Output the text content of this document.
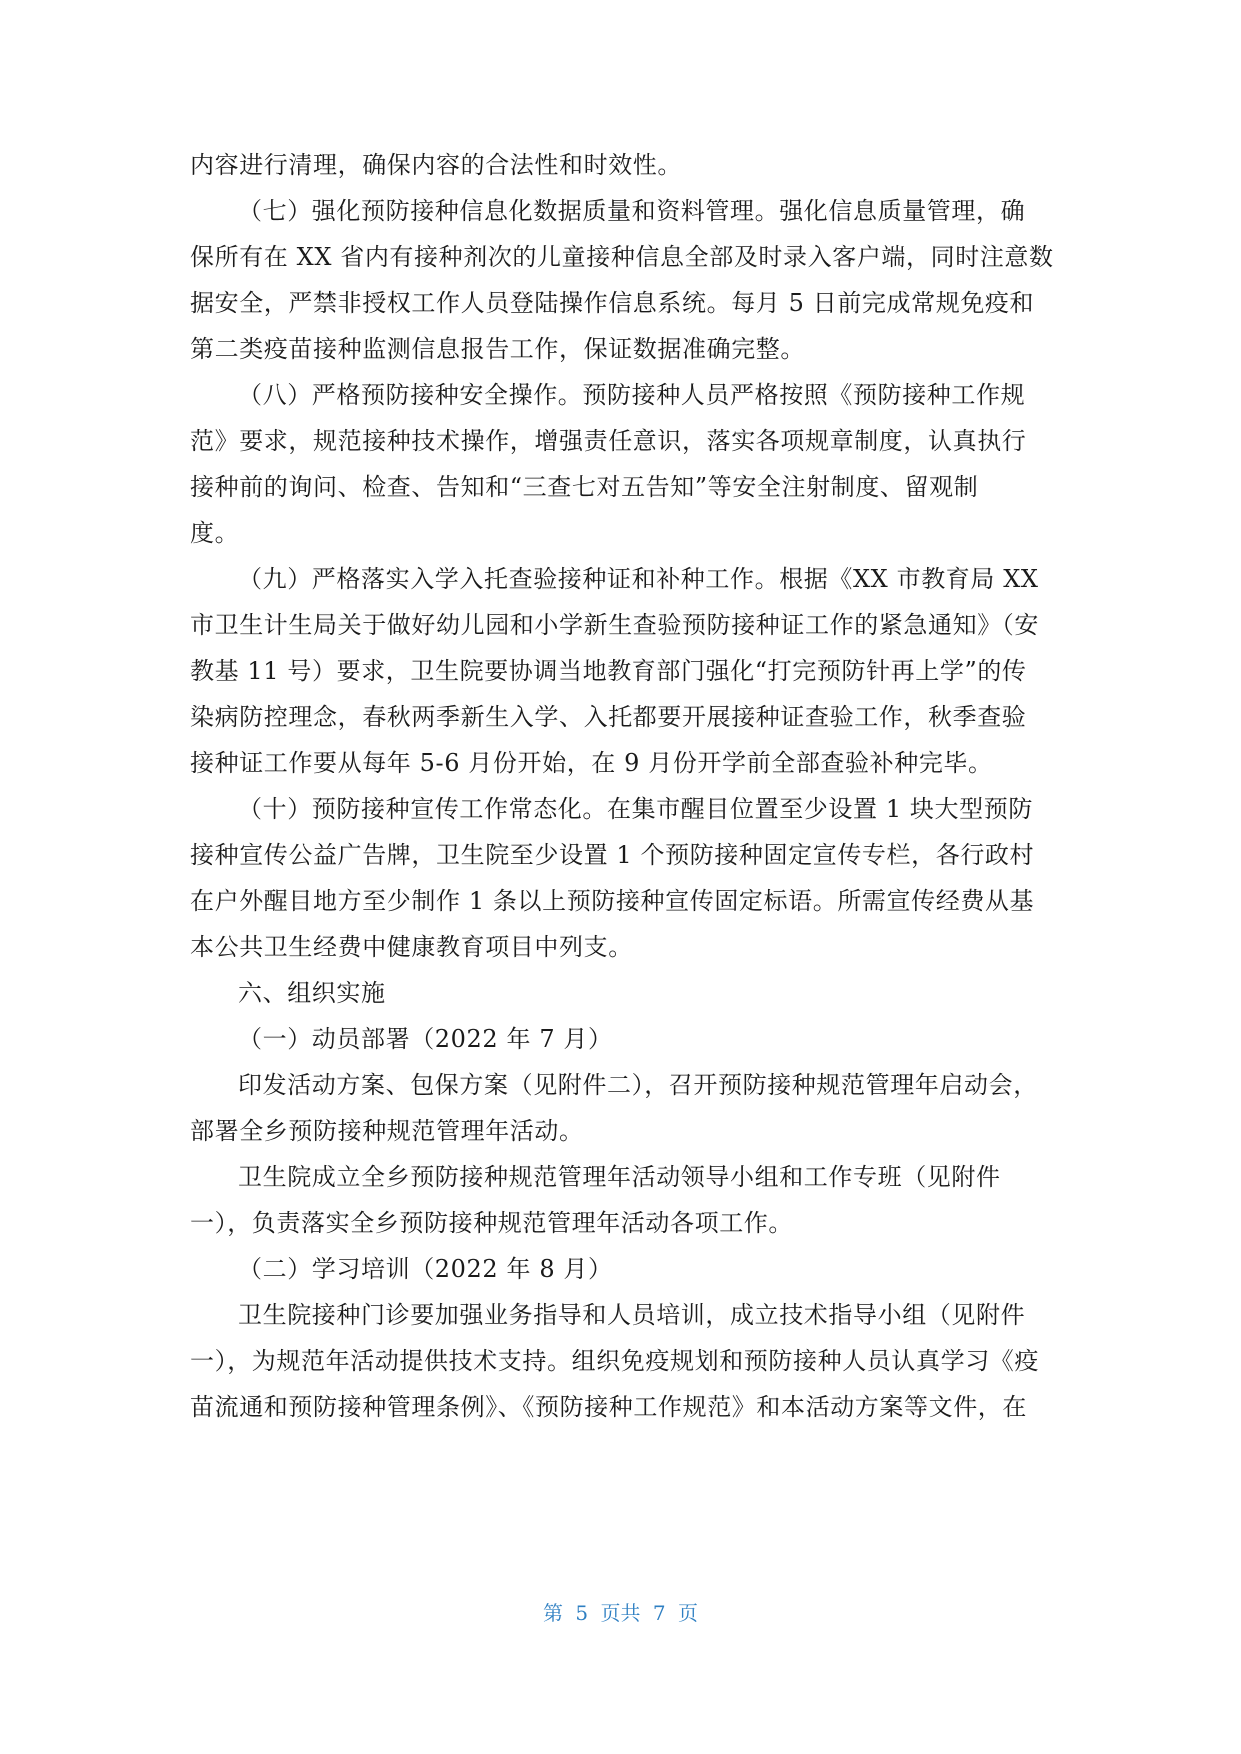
内容进行清理，确保内容的合法性和时效性。
（七）强化预防接种信息化数据质量和资料管理。强化信息质量管理，确
保所有在 XX 省内有接种剂次的儿童接种信息全部及时录入客户端，同时注意数
据安全，严禁非授权工作人员登陆操作信息系统。每月 5 日前完成常规免疫和
第二类疫苗接种监测信息报告工作，保证数据准确完整。
（八）严格预防接种安全操作。预防接种人员严格按照《预防接种工作规
范》要求，规范接种技术操作，增强责任意识，落实各项规章制度，认真执行
接种前的询问、检查、告知和“三查七对五告知”等安全注射制度、留观制
度。
（九）严格落实入学入托查验接种证和补种工作。根据《XX 市教育局 XX
市卫生计生局关于做好幼儿园和小学新生查验预防接种证工作的紧急通知》（安
教基 11 号）要求，卫生院要协调当地教育部门强化“打完预防针再上学”的传
染病防控理念，春秋两季新生入学、入托都要开展接种证查验工作，秋季查验
接种证工作要从每年 5-6 月份开始，在 9 月份开学前全部查验补种完毕。
（十）预防接种宣传工作常态化。在集市醒目位置至少设置 1 块大型预防
接种宣传公益广告牌，卫生院至少设置 1 个预防接种固定宣传专栏，各行政村
在户外醒目地方至少制作 1 条以上预防接种宣传固定标语。所需宣传经费从基
本公共卫生经费中健康教育项目中列支。
六、组织实施
（一）动员部署（2022 年 7 月）
印发活动方案、包保方案（见附件二），召开预防接种规范管理年启动会，
部署全乡预防接种规范管理年活动。
卫生院成立全乡预防接种规范管理年活动领导小组和工作专班（见附件
一），负责落实全乡预防接种规范管理年活动各项工作。
（二）学习培训（2022 年 8 月）
卫生院接种门诊要加强业务指导和人员培训，成立技术指导小组（见附件
一），为规范年活动提供技术支持。组织免疫规划和预防接种人员认真学习《疫
苗流通和预防接种管理条例》、《预防接种工作规范》和本活动方案等文件，在
第 5 页共 7 页
